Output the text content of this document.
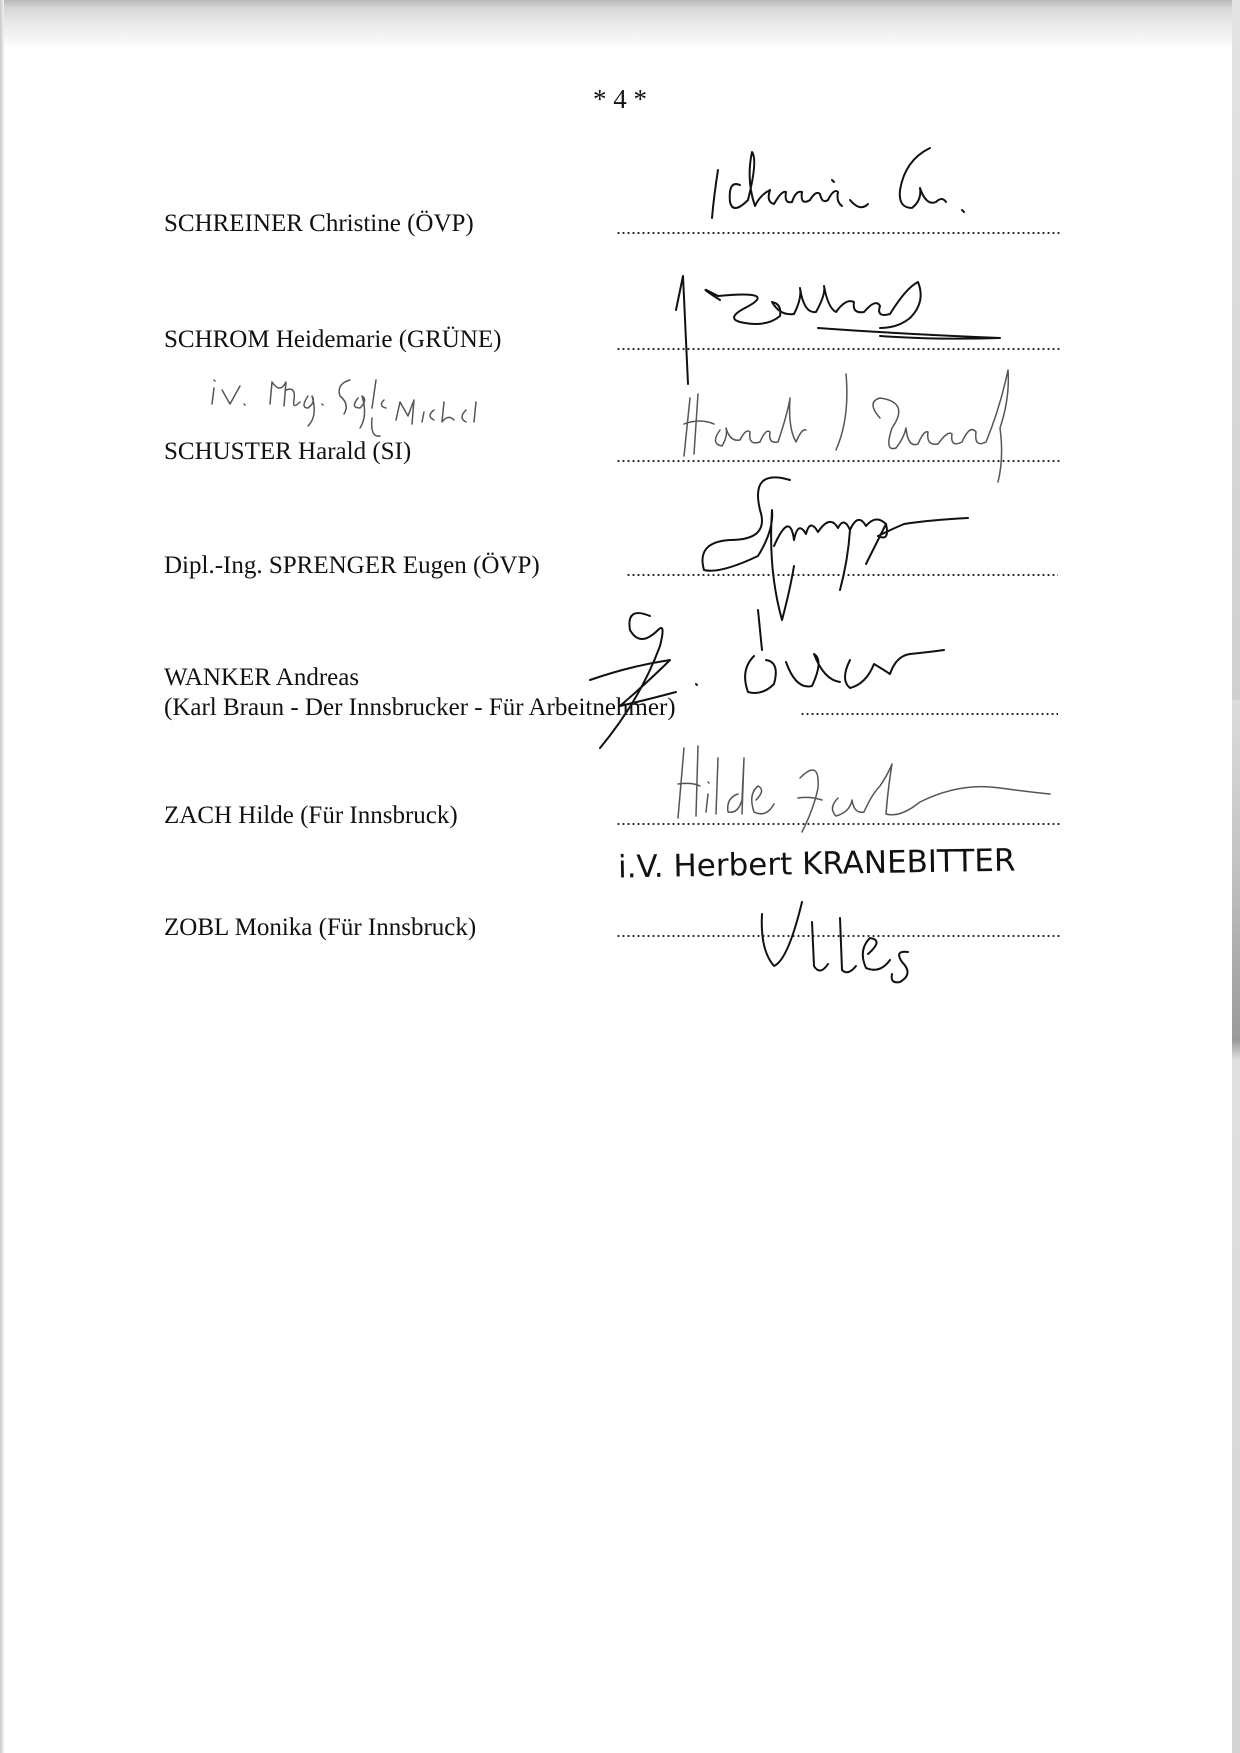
* 4 *
SCHREINER Christine (ÖVP)
SCHROM Heidemarie (GRÜNE)
SCHUSTER Harald (SI)
Dipl.-Ing. SPRENGER Eugen (ÖVP)
WANKER Andreas
(Karl Braun - Der Innsbrucker - Für Arbeitnehmer)
ZACH Hilde (Für Innsbruck)
i.V. Herbert KRANEBITTER
ZOBL Monika (Für Innsbruck)
